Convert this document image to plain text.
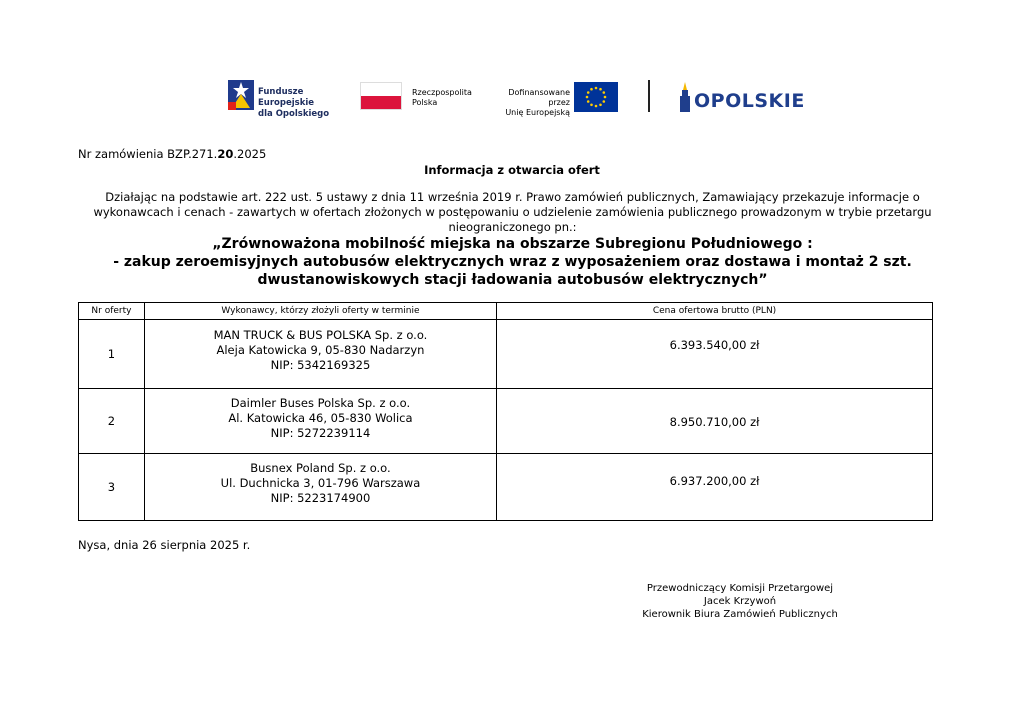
Fundusze Europejskie
dla Opolskiego
Rzeczpospolita
Polska
Dofinansowane przez
Unię Europejską
OPOLSKIE
Nr zamówienia BZP.271.20.2025
Informacja z otwarcia ofert
Działając na podstawie art. 222 ust. 5 ustawy z dnia 11 września 2019 r. Prawo zamówień publicznych, Zamawiający przekazuje informacje o wykonawcach i cenach - zawartych w ofertach złożonych w postępowaniu o udzielenie zamówienia publicznego prowadzonym w trybie przetargu nieograniczonego pn.:
„Zrównoważona mobilność miejska na obszarze Subregionu Południowego :
- zakup zeroemisyjnych autobusów elektrycznych wraz z wyposażeniem oraz dostawa i montaż 2 szt.
dwustanowiskowych stacji ładowania autobusów elektrycznych”
Nr oferty	Wykonawcy, którzy złożyli oferty w terminie	Cena ofertowa brutto (PLN)
1	MAN TRUCK & BUS POLSKA Sp. z o.o.
Aleja Katowicka 9, 05-830 Nadarzyn
NIP: 5342169325	6.393.540,00 zł

2	Daimler Buses Polska Sp. z o.o.
Al. Katowicka 46, 05-830 Wolica
NIP: 5272239114	8.950.710,00 zł

3	Busnex Poland Sp. z o.o.
Ul. Duchnicka 3, 01-796 Warszawa
NIP: 5223174900	6.937.200,00 zł
Nysa, dnia 26 sierpnia 2025 r.
Przewodniczący Komisji Przetargowej
Jacek Krzywoń
Kierownik Biura Zamówień Publicznych
